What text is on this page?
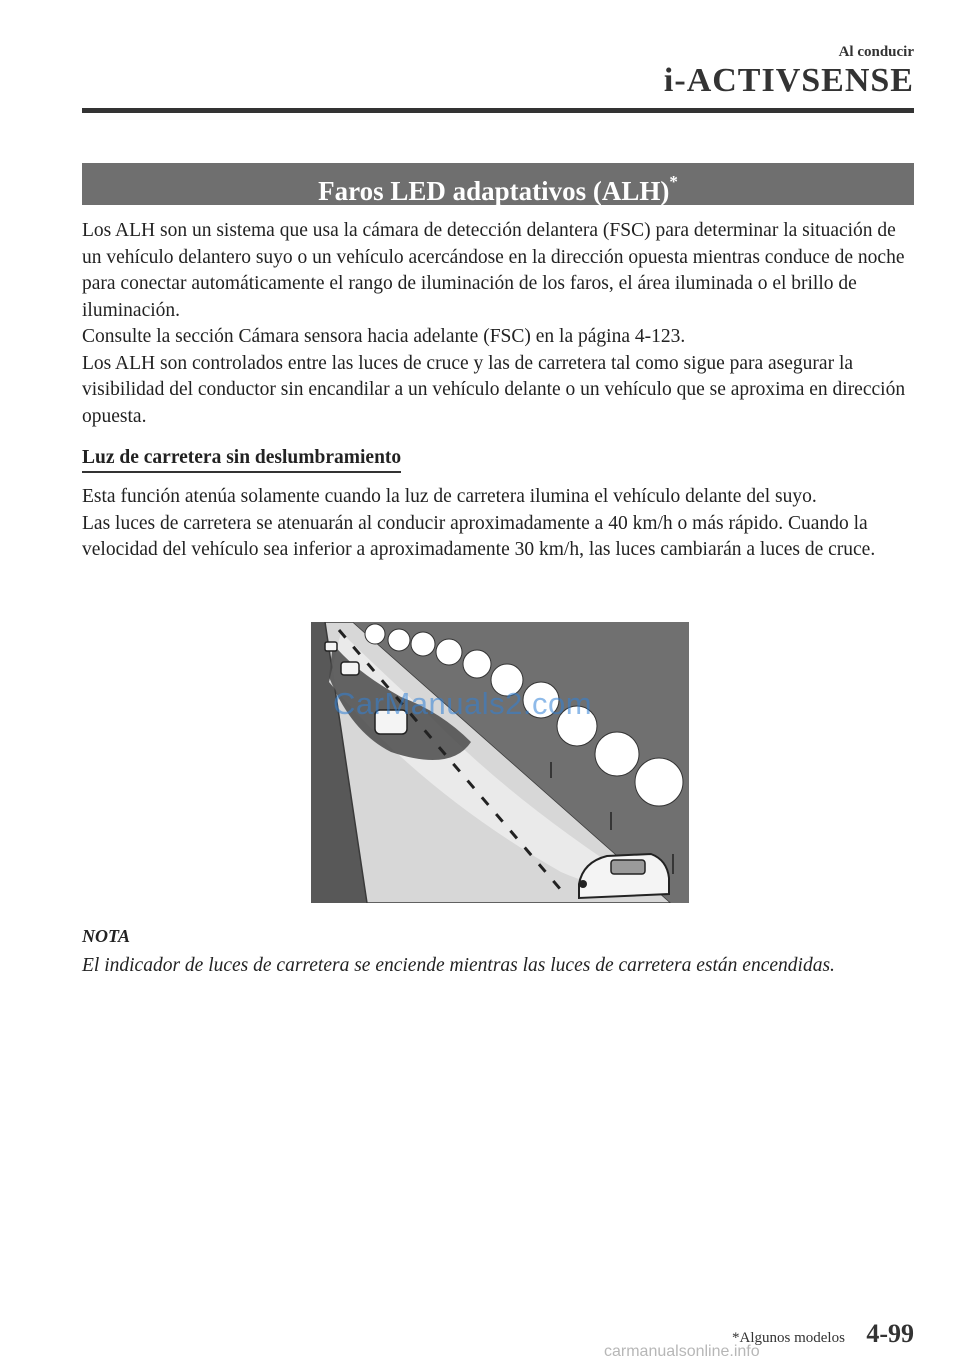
Al conducir
i-ACTIVSENSE
Faros LED adaptativos (ALH)*

Los ALH son un sistema que usa la cámara de detección delantera (FSC) para determinar la situación de un vehículo delantero suyo o un vehículo acercándose en la dirección opuesta mientras conduce de noche para conectar automáticamente el rango de iluminación de los faros, el área iluminada o el brillo de iluminación.

Consulte la sección Cámara sensora hacia adelante (FSC) en la página 4-123.

Los ALH son controlados entre las luces de cruce y las de carretera tal como sigue para asegurar la visibilidad del conductor sin encandilar a un vehículo delante o un vehículo que se aproxima en dirección opuesta.

Luz de carretera sin deslumbramiento

Esta función atenúa solamente cuando la luz de carretera ilumina el vehículo delante del suyo.

Las luces de carretera se atenuarán al conducir aproximadamente a 40 km/h o más rápido. Cuando la velocidad del vehículo sea inferior a aproximadamente 30 km/h, las luces cambiarán a luces de cruce.

CarManuals2.com
NOTA
El indicador de luces de carretera se enciende mientras las luces de carretera están encendidas.
*Algunos modelos 4-99
carmanualsonline.info
